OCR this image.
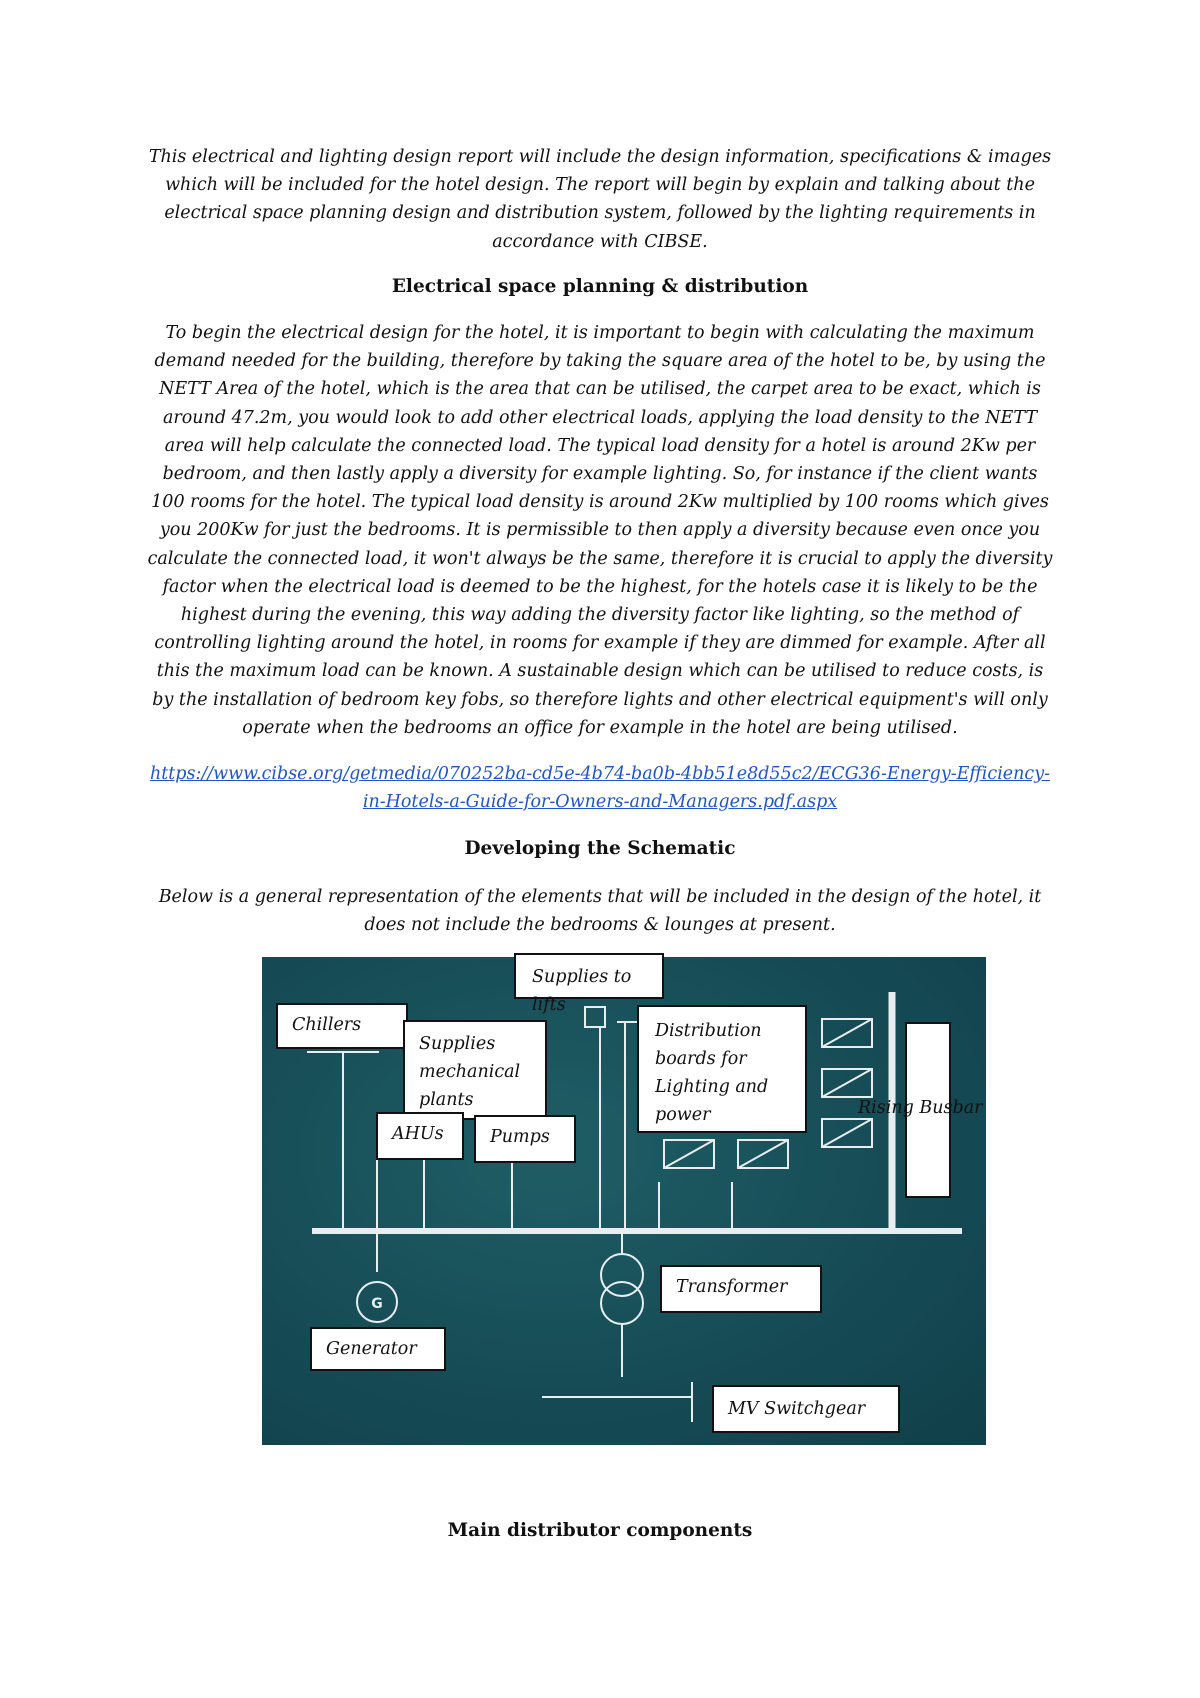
This electrical and lighting design report will include the design information, specifications & images which will be included for the hotel design. The report will begin by explain and talking about the electrical space planning design and distribution system, followed by the lighting requirements in accordance with CIBSE.

Electrical space planning & distribution

To begin the electrical design for the hotel, it is important to begin with calculating the maximum demand needed for the building, therefore by taking the square area of the hotel to be, by using the NETT Area of the hotel, which is the area that can be utilised, the carpet area to be exact, which is around 47.2m, you would look to add other electrical loads, applying the load density to the NETT area will help calculate the connected load. The typical load density for a hotel is around 2Kw per bedroom, and then lastly apply a diversity for example lighting. So, for instance if the client wants 100 rooms for the hotel. The typical load density is around 2Kw multiplied by 100 rooms which gives you 200Kw for just the bedrooms. It is permissible to then apply a diversity because even once you calculate the connected load, it won't always be the same, therefore it is crucial to apply the diversity factor when the electrical load is deemed to be the highest, for the hotels case it is likely to be the highest during the evening, this way adding the diversity factor like lighting, so the method of controlling lighting around the hotel, in rooms for example if they are dimmed for example. After all this the maximum load can be known. A sustainable design which can be utilised to reduce costs, is by the installation of bedroom key fobs, so therefore lights and other electrical equipment's will only operate when the bedrooms an office for example in the hotel are being utilised.

https://www.cibse.org/getmedia/070252ba-cd5e-4b74-ba0b-4bb51e8d55c2/ECG36-Energy-Efficiency-in-Hotels-a-Guide-for-Owners-and-Managers.pdf.aspx

Developing the Schematic

Below is a general representation of the elements that will be included in the design of the hotel, it does not include the bedrooms & lounges at present.

G
Supplies to lifts
Chillers
Supplies
mechanical
plants
Distribution
boards for
Lighting and
power	Rising Busbar
AHUs	Pumps
Transformer
Generator
MV Switchgear
Main distributor components
